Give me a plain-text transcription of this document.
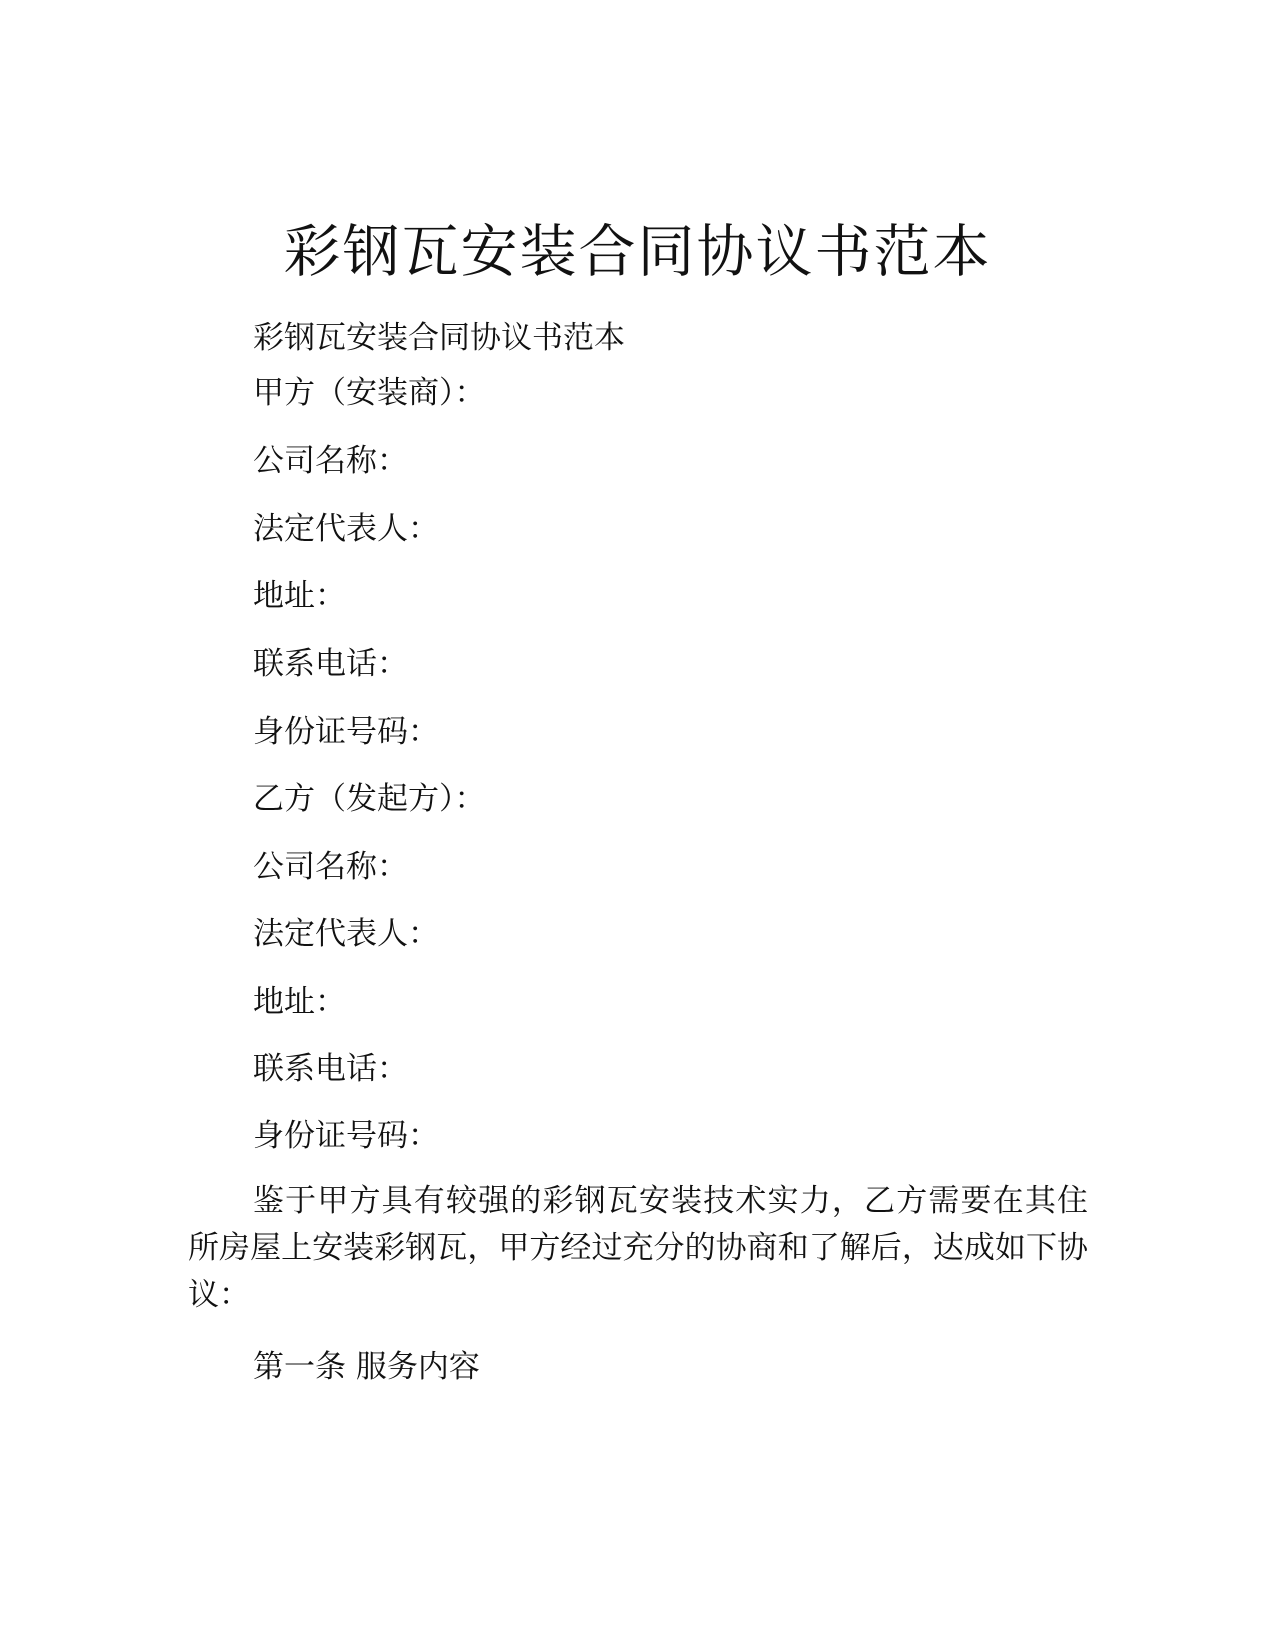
彩钢瓦安装合同协议书范本

彩钢瓦安装合同协议书范本

甲方（安装商）：

公司名称：

法定代表人：

地址：

联系电话：

身份证号码：

乙方（发起方）：

公司名称：

法定代表人：

地址：

联系电话：

身份证号码：

鉴于甲方具有较强的彩钢瓦安装技术实力，乙方需要在其住所房屋上安装彩钢瓦，甲方经过充分的协商和了解后，达成如下协议：

第一条 服务内容
